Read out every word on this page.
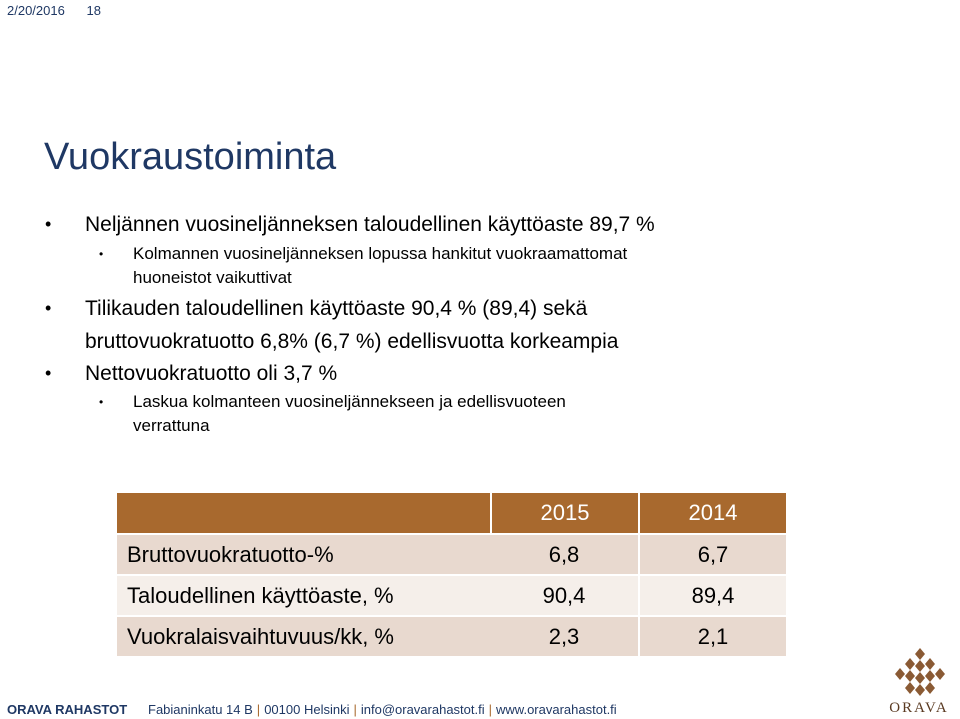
2/20/2016 18
Vuokraustoiminta
• Neljännen vuosineljänneksen taloudellinen käyttöaste 89,7 %
• Kolmannen vuosineljänneksen lopussa hankitut vuokraamattomat
huoneistot vaikuttivat
• Tilikauden taloudellinen käyttöaste 90,4 % (89,4) sekä
bruttovuokratuotto 6,8% (6,7 %) edellisvuotta korkeampia
• Nettovuokratuotto oli 3,7 %
• Laskua kolmanteen vuosineljännekseen ja edellisvuoteen
verrattuna
	2015	2014
Bruttovuokratuotto-%	6,8	6,7
Taloudellinen käyttöaste, %	90,4	89,4
Vuokralaisvaihtuvuus/kk, %	2,3	2,1
ORAVA RAHASTOT Fabianinkatu 14 B | 00100 Helsinki | info@oravarahastot.fi | www.oravarahastot.fi	ORAVA
